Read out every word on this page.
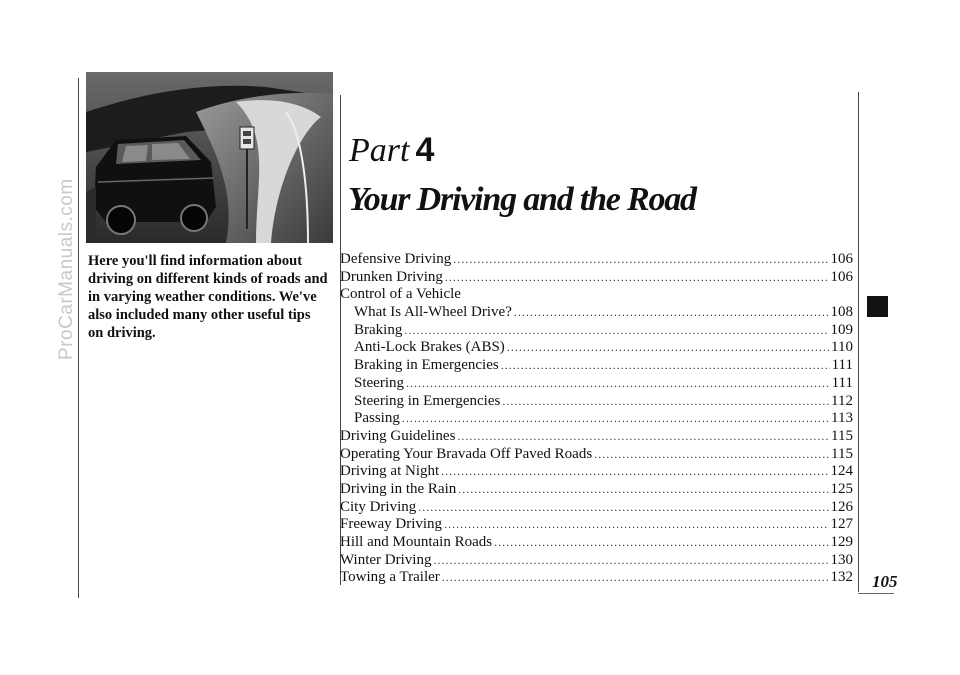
ProCarManuals.com Here you'll find information about driving on different kinds of roads and in varying weather conditions. We've also included many other useful tips on driving.

Part 4
Your Driving and the Road
Defensive Driving .....	106
Drunken Driving .....	106
Control of a Vehicle
What Is All-Wheel Drive? .....	108
Braking .....	109
Anti-Lock Brakes (ABS) .....	110
Braking in Emergencies .....	111
Steering .....	111
Steering in Emergencies .....	112
Passing .....	113
Driving Guidelines .....	115
Operating Your Bravada Off Paved Roads .....	115
Driving at Night .....	124
Driving in the Rain .....	125
City Driving .....	126
Freeway Driving .....	127
Hill and Mountain Roads .....	129
Winter Driving .....	130
Towing a Trailer .....	132 105
